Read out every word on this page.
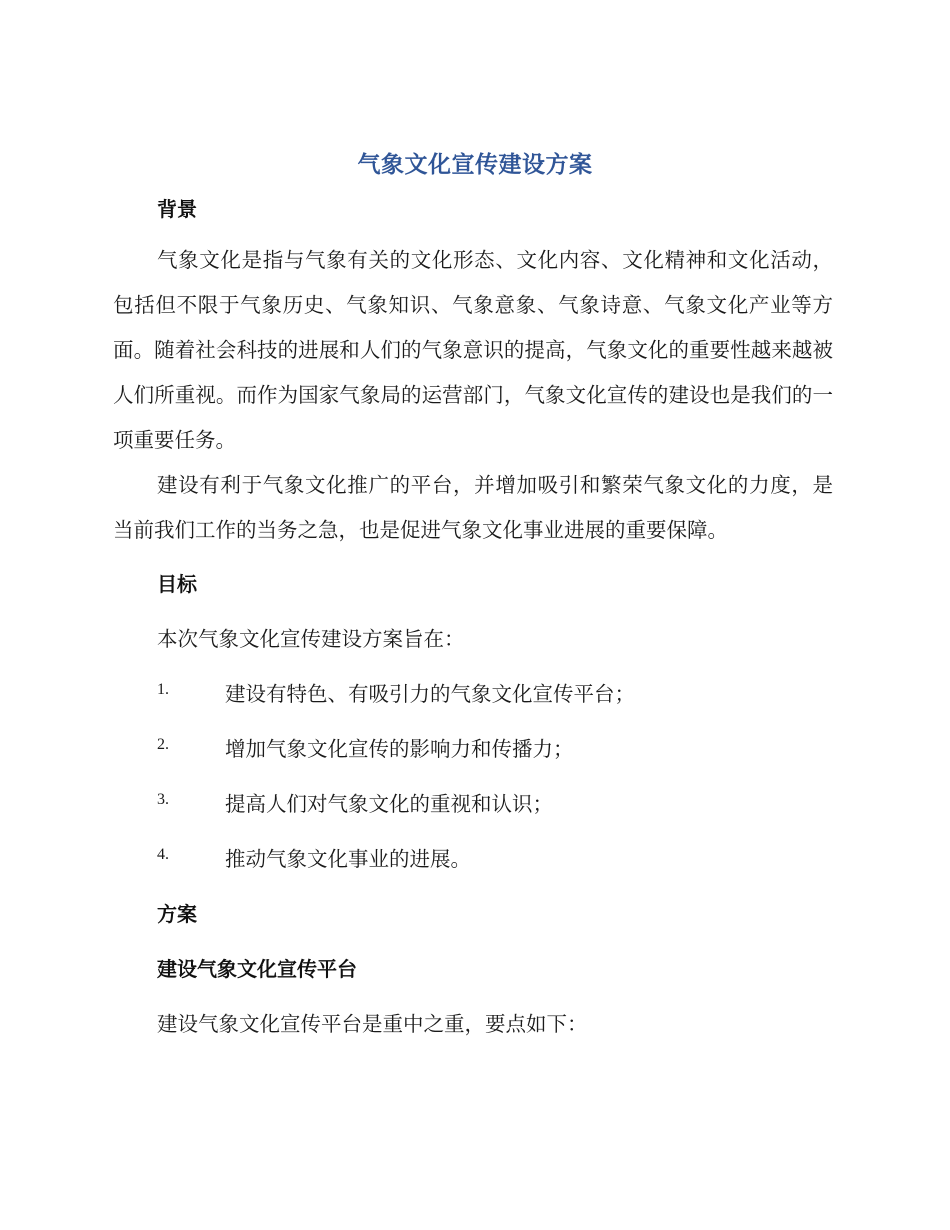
气象文化宣传建设方案
背景

气象文化是指与气象有关的文化形态、文化内容、文化精神和文化活动，包括但不限于气象历史、气象知识、气象意象、气象诗意、气象文化产业等方面。随着社会科技的进展和人们的气象意识的提高，气象文化的重要性越来越被人们所重视。而作为国家气象局的运营部门，气象文化宣传的建设也是我们的一项重要任务。

建设有利于气象文化推广的平台，并增加吸引和繁荣气象文化的力度，是当前我们工作的当务之急，也是促进气象文化事业进展的重要保障。

目标
本次气象文化宣传建设方案旨在：
1.	建设有特色、有吸引力的气象文化宣传平台；
2.	增加气象文化宣传的影响力和传播力；
3.	提高人们对气象文化的重视和认识；
4.	推动气象文化事业的进展。
方案
建设气象文化宣传平台
建设气象文化宣传平台是重中之重，要点如下：
